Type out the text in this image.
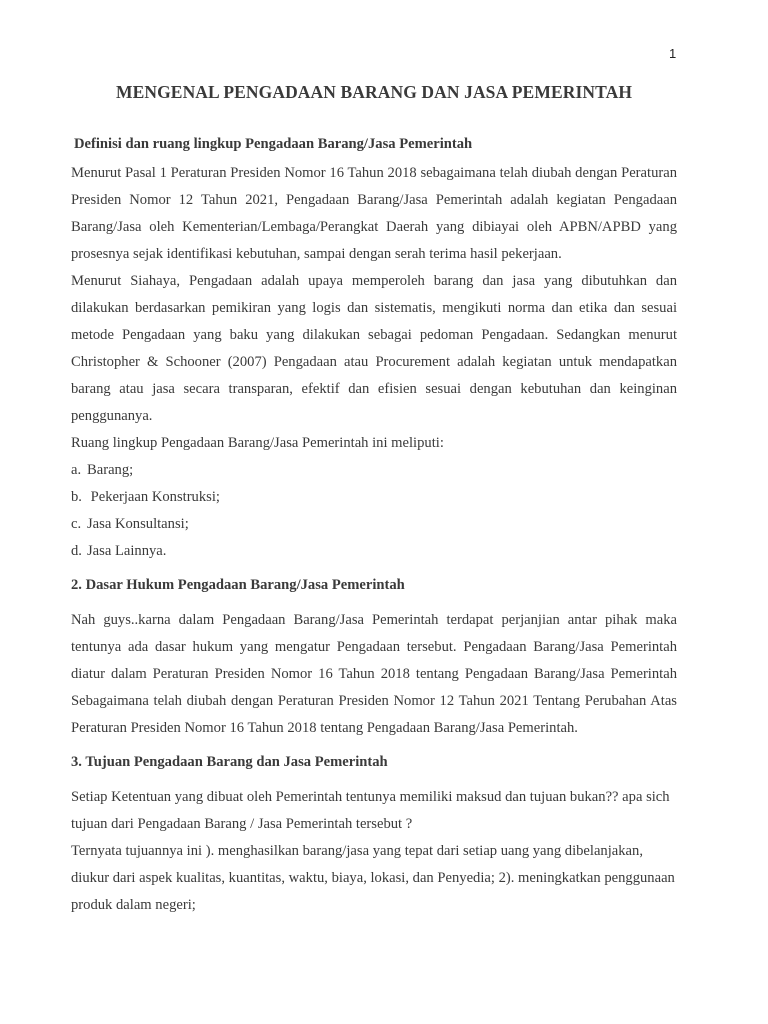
1
MENGENAL PENGADAAN BARANG DAN JASA PEMERINTAH

Definisi dan ruang lingkup Pengadaan Barang/Jasa Pemerintah

Menurut Pasal 1 Peraturan Presiden Nomor 16 Tahun 2018 sebagaimana telah diubah dengan Peraturan Presiden Nomor 12 Tahun 2021, Pengadaan Barang/Jasa Pemerintah adalah kegiatan Pengadaan Barang/Jasa oleh Kementerian/Lembaga/Perangkat Daerah yang dibiayai oleh APBN/APBD yang prosesnya sejak identifikasi kebutuhan, sampai dengan serah terima hasil pekerjaan.

Menurut Siahaya, Pengadaan adalah upaya memperoleh barang dan jasa yang dibutuhkan dan dilakukan berdasarkan pemikiran yang logis dan sistematis, mengikuti norma dan etika dan sesuai metode Pengadaan yang baku yang dilakukan sebagai pedoman Pengadaan. Sedangkan menurut Christopher & Schooner (2007) Pengadaan atau Procurement adalah kegiatan untuk mendapatkan barang atau jasa secara transparan, efektif dan efisien sesuai dengan kebutuhan dan keinginan penggunanya.

Ruang lingkup Pengadaan Barang/Jasa Pemerintah ini meliputi:

a. Barang;
b. Pekerjaan Konstruksi;
c. Jasa Konsultansi;
d. Jasa Lainnya.

2. Dasar Hukum Pengadaan Barang/Jasa Pemerintah

Nah guys..karna dalam Pengadaan Barang/Jasa Pemerintah terdapat perjanjian antar pihak maka tentunya ada dasar hukum yang mengatur Pengadaan tersebut. Pengadaan Barang/Jasa Pemerintah diatur dalam Peraturan Presiden Nomor 16 Tahun 2018 tentang Pengadaan Barang/Jasa Pemerintah Sebagaimana telah diubah dengan Peraturan Presiden Nomor 12 Tahun 2021 Tentang Perubahan Atas Peraturan Presiden Nomor 16 Tahun 2018 tentang Pengadaan Barang/Jasa Pemerintah.

3. Tujuan Pengadaan Barang dan Jasa Pemerintah

Setiap Ketentuan yang dibuat oleh Pemerintah tentunya memiliki maksud dan tujuan bukan?? apa sich tujuan dari Pengadaan Barang / Jasa Pemerintah tersebut ?

Ternyata tujuannya ini ). menghasilkan barang/jasa yang tepat dari setiap uang yang dibelanjakan, diukur dari aspek kualitas, kuantitas, waktu, biaya, lokasi, dan Penyedia; 2). meningkatkan penggunaan produk dalam negeri;
